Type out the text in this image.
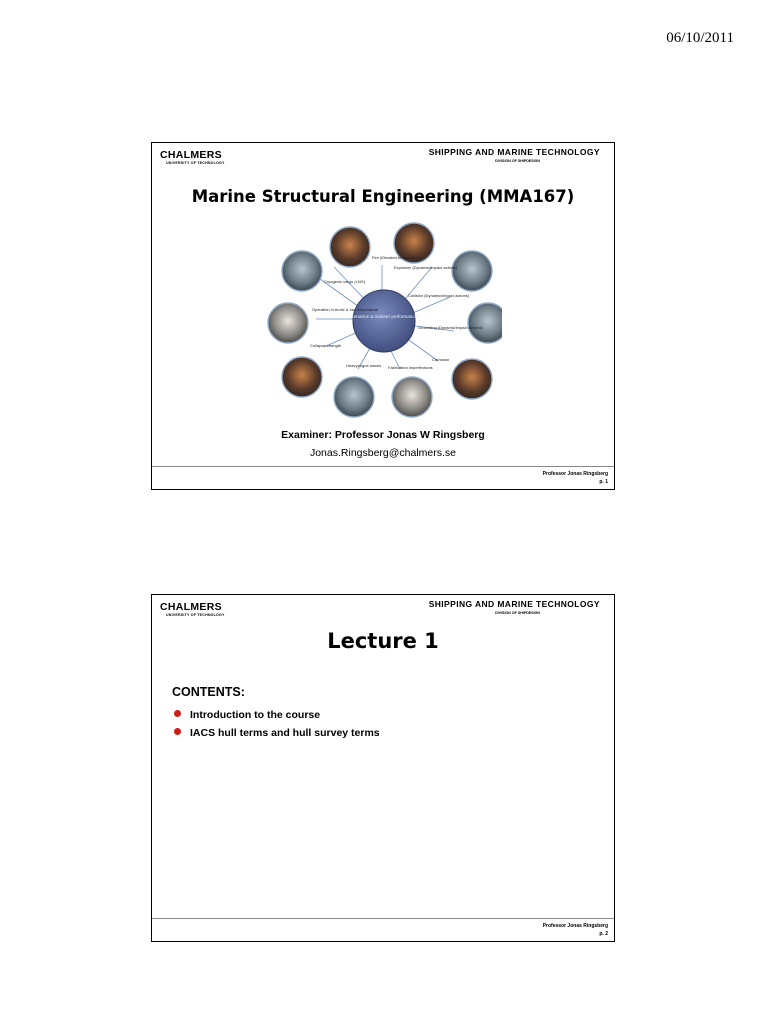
06/10/2011
CHALMERS
UNIVERSITY OF TECHNOLOGY
SHIPPING AND MARINE TECHNOLOGY
DIVISION OF SHIPDESIGN
Marine Structural Engineering (MMA167)
Scenarios & mariner performances
Fire (Elevated temperature)
Explosion (Dynamic/impact actions)
Collision (Dynamic/impact actions)
Grounding (Dynamic/impact actions)
Corrosion
Fabrication imperfections
Heavy/rogue waves
Collapse strength
Operation in Arctic & low temperature
Cryogenic cargo (LNG)
Examiner: Professor Jonas W Ringsberg
Jonas.Ringsberg@chalmers.se
Professor Jonas Ringsberg
p. 1
CHALMERS
UNIVERSITY OF TECHNOLOGY
SHIPPING AND MARINE TECHNOLOGY
DIVISION OF SHIPDESIGN
Lecture 1
CONTENTS:
Introduction to the course
IACS hull terms and hull survey terms
Professor Jonas Ringsberg
p. 2
